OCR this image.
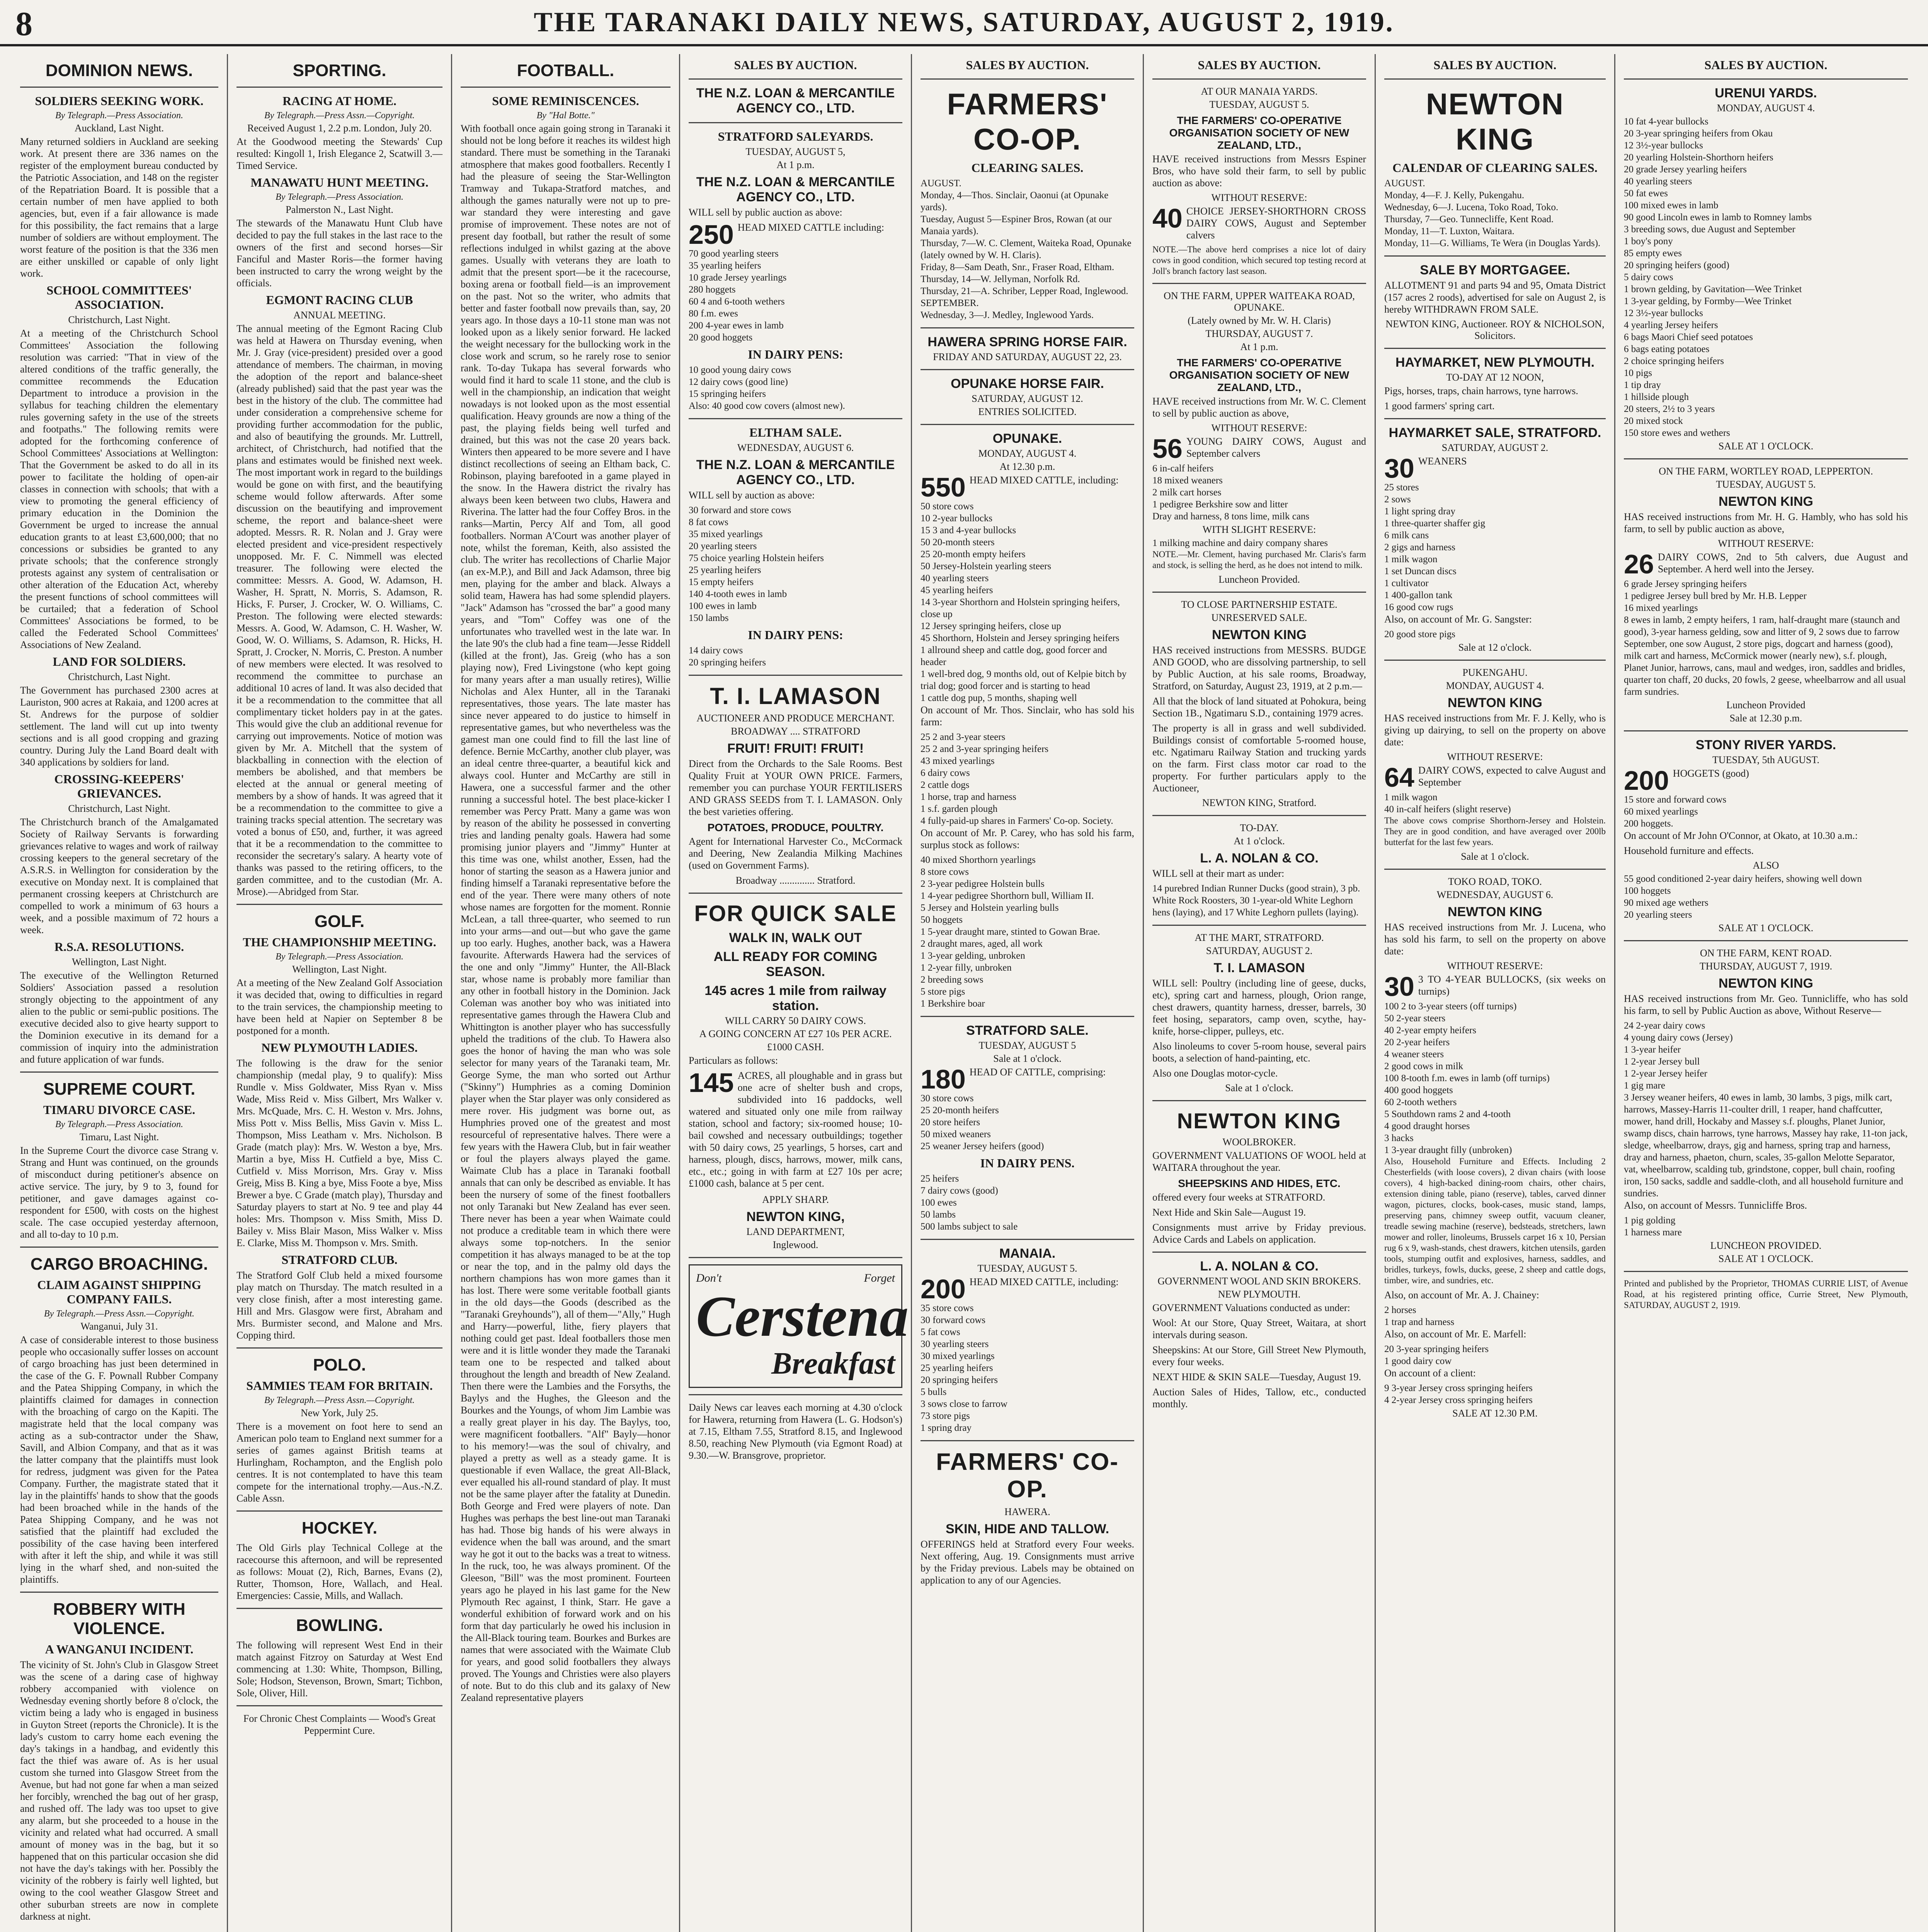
8	THE TARANAKI DAILY NEWS, SATURDAY, AUGUST 2, 1919.
DOMINION NEWS.
SOLDIERS SEEKING WORK.
By Telegraph.—Press Association.
Auckland, Last Night.

Many returned soldiers in Auckland are seeking work. At present there are 336 names on the register of the employment bureau conducted by the Patriotic Association, and 148 on the register of the Repatriation Board. It is possible that a certain number of men have applied to both agencies, but, even if a fair allowance is made for this possibility, the fact remains that a large number of soldiers are without employment. The worst feature of the position is that the 336 men are either unskilled or capable of only light work.

SCHOOL COMMITTEES' ASSOCIATION.
Christchurch, Last Night.

At a meeting of the Christchurch School Committees' Association the following resolution was carried: "That in view of the altered conditions of the traffic generally, the committee recommends the Education Department to introduce a provision in the syllabus for teaching children the elementary rules governing safety in the use of the streets and footpaths." The following remits were adopted for the forthcoming conference of School Committees' Associations at Wellington: That the Government be asked to do all in its power to facilitate the holding of open-air classes in connection with schools; that with a view to promoting the general efficiency of primary education in the Dominion the Government be urged to increase the annual education grants to at least £3,600,000; that no concessions or subsidies be granted to any private schools; that the conference strongly protests against any system of centralisation or other alteration of the Education Act, whereby the present functions of school committees will be curtailed; that a federation of School Committees' Associations be formed, to be called the Federated School Committees' Associations of New Zealand.

LAND FOR SOLDIERS.
Christchurch, Last Night.

The Government has purchased 2300 acres at Lauriston, 900 acres at Rakaia, and 1200 acres at St. Andrews for the purpose of soldier settlement. The land will cut up into twenty sections and is all good cropping and grazing country. During July the Land Board dealt with 340 applications by soldiers for land.

CROSSING-KEEPERS' GRIEVANCES.
Christchurch, Last Night.

The Christchurch branch of the Amalgamated Society of Railway Servants is forwarding grievances relative to wages and work of railway crossing keepers to the general secretary of the A.S.R.S. in Wellington for consideration by the executive on Monday next. It is complained that permanent crossing keepers at Christchurch are compelled to work a minimum of 63 hours a week, and a possible maximum of 72 hours a week.

R.S.A. RESOLUTIONS.
Wellington, Last Night.

The executive of the Wellington Returned Soldiers' Association passed a resolution strongly objecting to the appointment of any alien to the public or semi-public positions. The executive decided also to give hearty support to the Dominion executive in its demand for a commission of inquiry into the administration and future application of war funds.

SUPREME COURT.
TIMARU DIVORCE CASE.
By Telegraph.—Press Association.
Timaru, Last Night.

In the Supreme Court the divorce case Strang v. Strang and Hunt was continued, on the grounds of misconduct during petitioner's absence on active service. The jury, by 9 to 3, found for petitioner, and gave damages against co-respondent for £500, with costs on the highest scale. The case occupied yesterday afternoon, and all to-day to 10 p.m.

CARGO BROACHING.
CLAIM AGAINST SHIPPING COMPANY FAILS.
By Telegraph.—Press Assn.—Copyright.
Wanganui, July 31.

A case of considerable interest to those business people who occasionally suffer losses on account of cargo broaching has just been determined in the case of the G. F. Pownall Rubber Company and the Patea Shipping Company, in which the plaintiffs claimed for damages in connection with the broaching of cargo on the Kapiti. The magistrate held that the local company was acting as a sub-contractor under the Shaw, Savill, and Albion Company, and that as it was the latter company that the plaintiffs must look for redress, judgment was given for the Patea Company. Further, the magistrate stated that it lay in the plaintiffs' hands to show that the goods had been broached while in the hands of the Patea Shipping Company, and he was not satisfied that the plaintiff had excluded the possibility of the case having been interfered with after it left the ship, and while it was still lying in the wharf shed, and non-suited the plaintiffs.

ROBBERY WITH VIOLENCE.
A WANGANUI INCIDENT.

The vicinity of St. John's Club in Glasgow Street was the scene of a daring case of highway robbery accompanied with violence on Wednesday evening shortly before 8 o'clock, the victim being a lady who is engaged in business in Guyton Street (reports the Chronicle). It is the lady's custom to carry home each evening the day's takings in a handbag, and evidently this fact the thief was aware of. As is her usual custom she turned into Glasgow Street from the Avenue, but had not gone far when a man seized her forcibly, wrenched the bag out of her grasp, and rushed off. The lady was too upset to give any alarm, but she proceeded to a house in the vicinity and related what had occurred. A small amount of money was in the bag, but it so happened that on this particular occasion she did not have the day's takings with her. Possibly the vicinity of the robbery is fairly well lighted, but owing to the cool weather Glasgow Street and other suburban streets are now in complete darkness at night.

SPORTING.
RACING AT HOME.
By Telegraph.—Press Assn.—Copyright.
Received August 1, 2.2 p.m. London, July 20.

At the Goodwood meeting the Stewards' Cup resulted: Kingoll 1, Irish Elegance 2, Scatwill 3.—Timed Service.

MANAWATU HUNT MEETING.
By Telegraph.—Press Association.
Palmerston N., Last Night.

The stewards of the Manawatu Hunt Club have decided to pay the full stakes in the last race to the owners of the first and second horses—Sir Fanciful and Master Roris—the former having been instructed to carry the wrong weight by the officials.

EGMONT RACING CLUB
ANNUAL MEETING.

The annual meeting of the Egmont Racing Club was held at Hawera on Thursday evening, when Mr. J. Gray (vice-president) presided over a good attendance of members. The chairman, in moving the adoption of the report and balance-sheet (already published) said that the past year was the best in the history of the club. The committee had under consideration a comprehensive scheme for providing further accommodation for the public, and also of beautifying the grounds. Mr. Luttrell, architect, of Christchurch, had notified that the plans and estimates would be finished next week. The most important work in regard to the buildings would be gone on with first, and the beautifying scheme would follow afterwards. After some discussion on the beautifying and improvement scheme, the report and balance-sheet were adopted. Messrs. R. R. Nolan and J. Gray were elected president and vice-president respectively unopposed. Mr. F. C. Nimmell was elected treasurer. The following were elected the committee: Messrs. A. Good, W. Adamson, H. Washer, H. Spratt, N. Morris, S. Adamson, R. Hicks, F. Purser, J. Crocker, W. O. Williams, C. Preston. The following were elected stewards: Messrs. A. Good, W. Adamson, C. H. Washer, W. Good, W. O. Williams, S. Adamson, R. Hicks, H. Spratt, J. Crocker, N. Morris, C. Preston. A number of new members were elected. It was resolved to recommend the committee to purchase an additional 10 acres of land. It was also decided that it be a recommendation to the committee that all complimentary ticket holders pay in at the gates. This would give the club an additional revenue for carrying out improvements. Notice of motion was given by Mr. A. Mitchell that the system of blackballing in connection with the election of members be abolished, and that members be elected at the annual or general meeting of members by a show of hands. It was agreed that it be a recommendation to the committee to give a training tracks special attention. The secretary was voted a bonus of £50, and, further, it was agreed that it be a recommendation to the committee to reconsider the secretary's salary. A hearty vote of thanks was passed to the retiring officers, to the garden committee, and to the custodian (Mr. A. Mrose).—Abridged from Star.

GOLF.
THE CHAMPIONSHIP MEETING.
By Telegraph.—Press Association.
Wellington, Last Night.

At a meeting of the New Zealand Golf Association it was decided that, owing to difficulties in regard to the train services, the championship meeting to have been held at Napier on September 8 be postponed for a month.

NEW PLYMOUTH LADIES.

The following is the draw for the senior championship (medal play, 9 to qualify): Miss Rundle v. Miss Goldwater, Miss Ryan v. Miss Wade, Miss Reid v. Miss Gilbert, Mrs Walker v. Mrs. McQuade, Mrs. C. H. Weston v. Mrs. Johns, Miss Pott v. Miss Bellis, Miss Gavin v. Miss L. Thompson, Miss Leatham v. Mrs. Nicholson. B Grade (match play): Mrs. W. Weston a bye, Mrs. Martin a bye, Miss H. Cutfield a bye, Miss C. Cutfield v. Miss Morrison, Mrs. Gray v. Miss Greig, Miss B. King a bye, Miss Foote a bye, Miss Brewer a bye. C Grade (match play), Thursday and Saturday players to start at No. 9 tee and play 44 holes: Mrs. Thompson v. Miss Smith, Miss D. Bailey v. Miss Blair Mason, Miss Walker v. Miss E. Clarke, Miss M. Thompson v. Mrs. Smith.

STRATFORD CLUB.

The Stratford Golf Club held a mixed foursome play match on Thursday. The match resulted in a very close finish, after a most interesting game. Hill and Mrs. Glasgow were first, Abraham and Mrs. Burmister second, and Malone and Mrs. Copping third.

POLO.
SAMMIES TEAM FOR BRITAIN.
By Telegraph.—Press Assn.—Copyright.
New York, July 25.

There is a movement on foot here to send an American polo team to England next summer for a series of games against British teams at Hurlingham, Rochampton, and the English polo centres. It is not contemplated to have this team compete for the international trophy.—Aus.-N.Z. Cable Assn.

HOCKEY.

The Old Girls play Technical College at the racecourse this afternoon, and will be represented as follows: Mouat (2), Rich, Barnes, Evans (2), Rutter, Thomson, Hore, Wallach, and Heal. Emergencies: Cassie, Mills, and Wallach.

BOWLING.

The following will represent West End in their match against Fitzroy on Saturday at West End commencing at 1.30: White, Thompson, Billing, Sole; Hodson, Stevenson, Brown, Smart; Tichbon, Sole, Oliver, Hill.

For Chronic Chest Complaints — Wood's Great Peppermint Cure.

FOOTBALL.
SOME REMINISCENCES.
By "Hal Botte."

With football once again going strong in Taranaki it should not be long before it reaches its wildest high standard. There must be something in the Taranaki atmosphere that makes good footballers. Recently I had the pleasure of seeing the Star-Wellington Tramway and Tukapa-Stratford matches, and although the games naturally were not up to pre-war standard they were interesting and gave promise of improvement. These notes are not of present day football, but rather the result of some reflections indulged in whilst gazing at the above games. Usually with veterans they are loath to admit that the present sport—be it the racecourse, boxing arena or football field—is an improvement on the past. Not so the writer, who admits that better and faster football now prevails than, say, 20 years ago. In those days a 10-11 stone man was not looked upon as a likely senior forward. He lacked the weight necessary for the bullocking work in the close work and scrum, so he rarely rose to senior rank. To-day Tukapa has several forwards who would find it hard to scale 11 stone, and the club is well in the championship, an indication that weight nowadays is not looked upon as the most essential qualification. Heavy grounds are now a thing of the past, the playing fields being well turfed and drained, but this was not the case 20 years back. Winters then appeared to be more severe and I have distinct recollections of seeing an Eltham back, C. Robinson, playing barefooted in a game played in the snow. In the Hawera district the rivalry has always been keen between two clubs, Hawera and Riverina. The latter had the four Coffey Bros. in the ranks—Martin, Percy Alf and Tom, all good footballers. Norman A'Court was another player of note, whilst the foreman, Keith, also assisted the club. The writer has recollections of Charlie Major (an ex-M.P.), and Bill and Jack Adamson, three big men, playing for the amber and black. Always a solid team, Hawera has had some splendid players. "Jack" Adamson has "crossed the bar" a good many years, and "Tom" Coffey was one of the unfortunates who travelled west in the late war. In the late 90's the club had a fine team—Jesse Riddell (killed at the front), Jas. Greig (who has a son playing now), Fred Livingstone (who kept going for many years after a man usually retires), Willie Nicholas and Alex Hunter, all in the Taranaki representatives, those years. The late master has since never appeared to do justice to himself in representative games, but who nevertheless was the gamest man one could find to fill the last line of defence. Bernie McCarthy, another club player, was an ideal centre three-quarter, a beautiful kick and always cool. Hunter and McCarthy are still in Hawera, one a successful farmer and the other running a successful hotel. The best place-kicker I remember was Percy Pratt. Many a game was won by reason of the ability he possessed in converting tries and landing penalty goals. Hawera had some promising junior players and "Jimmy" Hunter at this time was one, whilst another, Essen, had the honor of starting the season as a Hawera junior and finding himself a Taranaki representative before the end of the year. There were many others of note whose names are forgotten for the moment. Ronnie McLean, a tall three-quarter, who seemed to run into your arms—and out—but who gave the game up too early. Hughes, another back, was a Hawera favourite. Afterwards Hawera had the services of the one and only "Jimmy" Hunter, the All-Black star, whose name is probably more familiar than any other in football history in the Dominion. Jack Coleman was another boy who was initiated into representative games through the Hawera Club and Whittington is another player who has successfully upheld the traditions of the club. To Hawera also goes the honor of having the man who was sole selector for many years of the Taranaki team, Mr. George Syme, the man who sorted out Arthur ("Skinny") Humphries as a coming Dominion player when the Star player was only considered as mere rover. His judgment was borne out, as Humphries proved one of the greatest and most resourceful of representative halves. There were a few years with the Hawera Club, but in fair weather or foul the players always played the game. Waimate Club has a place in Taranaki football annals that can only be described as enviable. It has been the nursery of some of the finest footballers not only Taranaki but New Zealand has ever seen. There never has been a year when Waimate could not produce a creditable team in which there were always some top-notchers. In the senior competition it has always managed to be at the top or near the top, and in the palmy old days the northern champions has won more games than it has lost. There were some veritable football giants in the old days—the Goods (described as the "Taranaki Greyhounds"), all of them—"Ally," Hugh and Harry—powerful, lithe, fiery players that nothing could get past. Ideal footballers those men were and it is little wonder they made the Taranaki team one to be respected and talked about throughout the length and breadth of New Zealand. Then there were the Lambies and the Forsyths, the Baylys and the Hughes, the Gleeson and the Bourkes and the Youngs, of whom Jim Lambie was a really great player in his day. The Baylys, too, were magnificent footballers. "Alf" Bayly—honor to his memory!—was the soul of chivalry, and played a pretty as well as a steady game. It is questionable if even Wallace, the great All-Black, ever equalled his all-round standard of play. It must not be the same player after the fatality at Dunedin. Both George and Fred were players of note. Dan Hughes was perhaps the best line-out man Taranaki has had. Those big hands of his were always in evidence when the ball was around, and the smart way he got it out to the backs was a treat to witness. In the ruck, too, he was always prominent. Of the Gleeson, "Bill" was the most prominent. Fourteen years ago he played in his last game for the New Plymouth Rec against, I think, Starr. He gave a wonderful exhibition of forward work and on his form that day particularly he owed his inclusion in the All-Black touring team. Bourkes and Burkes are names that were associated with the Waimate Club for years, and good solid footballers they always proved. The Youngs and Christies were also players of note. But to do this club and its galaxy of New Zealand representative players

SALES BY AUCTION.
THE N.Z. LOAN & MERCANTILE AGENCY CO., LTD.
STRATFORD SALEYARDS.
TUESDAY, AUGUST 5,
At 1 p.m.
THE N.Z. LOAN & MERCANTILE AGENCY CO., LTD.

WILL sell by public auction as above:

250 HEAD MIXED CATTLE including:

70 good yearling steers
35 yearling heifers
10 grade Jersey yearlings
280 hoggets
60 4 and 6-tooth wethers
80 f.m. ewes
200 4-year ewes in lamb
20 good hoggets
IN DAIRY PENS:
10 good young dairy cows
12 dairy cows (good line)
15 springing heifers
Also: 40 good cow covers (almost new).
ELTHAM SALE.
WEDNESDAY, AUGUST 6.
THE N.Z. LOAN & MERCANTILE AGENCY CO., LTD.

WILL sell by auction as above:

30 forward and store cows
8 fat cows
35 mixed yearlings
20 yearling steers
75 choice yearling Holstein heifers
25 yearling heifers
15 empty heifers
140 4-tooth ewes in lamb
100 ewes in lamb
150 lambs
IN DAIRY PENS:
14 dairy cows
20 springing heifers
T. I. LAMASON
AUCTIONEER AND PRODUCE MERCHANT.
BROADWAY .... STRATFORD
FRUIT! FRUIT! FRUIT!

Direct from the Orchards to the Sale Rooms. Best Quality Fruit at YOUR OWN PRICE. Farmers, remember you can purchase YOUR FERTILISERS AND GRASS SEEDS from T. I. LAMASON. Only the best varieties offering.

POTATOES, PRODUCE, POULTRY.

Agent for International Harvester Co., McCormack and Deering, New Zealandia Milking Machines (used on Government Farms).

Broadway .............. Stratford.

FOR QUICK SALE
WALK IN, WALK OUT
ALL READY FOR COMING SEASON.
145 acres 1 mile from railway station.
WILL CARRY 50 DAIRY COWS.
A GOING CONCERN AT £27 10s PER ACRE.
£1000 CASH.

Particulars as follows:

145 ACRES, all ploughable and in grass but one acre of shelter bush and crops, subdivided into 16 paddocks, well watered and situated only one mile from railway station, school and factory; six-roomed house; 10-bail cowshed and necessary outbuildings; together with 50 dairy cows, 25 yearlings, 5 horses, cart and harness, plough, discs, harrows, mower, milk cans, etc., etc.; going in with farm at £27 10s per acre; £1000 cash, balance at 5 per cent.

APPLY SHARP.
NEWTON KING,
LAND DEPARTMENT,
Inglewood.
Don't	Forget
Cerstena
Breakfast

Daily News car leaves each morning at 4.30 o'clock for Hawera, returning from Hawera (L. G. Hodson's) at 7.15, Eltham 7.55, Stratford 8.15, and Inglewood 8.50, reaching New Plymouth (via Egmont Road) at 9.30.—W. Bransgrove, proprietor.

SALES BY AUCTION.
FARMERS' CO-OP.
CLEARING SALES.
AUGUST.
Monday, 4—Thos. Sinclair, Oaonui (at Opunake yards).
Tuesday, August 5—Espiner Bros, Rowan (at our Manaia yards).
Thursday, 7—W. C. Clement, Waiteka Road, Opunake (lately owned by W. H. Claris).
Friday, 8—Sam Death, Snr., Fraser Road, Eltham.
Thursday, 14—W. Jellyman, Norfolk Rd.
Thursday, 21—A. Schriber, Lepper Road, Inglewood.
SEPTEMBER.
Wednesday, 3—J. Medley, Inglewood Yards.
HAWERA SPRING HORSE FAIR.
FRIDAY AND SATURDAY, AUGUST 22, 23.
OPUNAKE HORSE FAIR.
SATURDAY, AUGUST 12.
ENTRIES SOLICITED.
OPUNAKE.
MONDAY, AUGUST 4.
At 12.30 p.m.
550 HEAD MIXED CATTLE, including:

50 store cows
10 2-year bullocks
15 3 and 4-year bullocks
50 20-month steers
25 20-month empty heifers
50 Jersey-Holstein yearling steers
40 yearling steers
45 yearling heifers
14 3-year Shorthorn and Holstein springing heifers, close up
12 Jersey springing heifers, close up
45 Shorthorn, Holstein and Jersey springing heifers
1 allround sheep and cattle dog, good forcer and header
1 well-bred dog, 9 months old, out of Kelpie bitch by trial dog; good forcer and is starting to head
1 cattle dog pup, 5 months, shaping well

On account of Mr. Thos. Sinclair, who has sold his farm:

25 2 and 3-year steers
25 2 and 3-year springing heifers
43 mixed yearlings
6 dairy cows
2 cattle dogs
1 horse, trap and harness
1 s.f. garden plough
4 fully-paid-up shares in Farmers' Co-op. Society.

On account of Mr. P. Carey, who has sold his farm, surplus stock as follows:

40 mixed Shorthorn yearlings
8 store cows
2 3-year pedigree Holstein bulls
1 4-year pedigree Shorthorn bull, William II.
5 Jersey and Holstein yearling bulls
50 hoggets
1 5-year draught mare, stinted to Gowan Brae.
2 draught mares, aged, all work
1 3-year gelding, unbroken
1 2-year filly, unbroken
2 breeding sows
5 store pigs
1 Berkshire boar
STRATFORD SALE.
TUESDAY, AUGUST 5
Sale at 1 o'clock.
180 HEAD OF CATTLE, comprising:

30 store cows
25 20-month heifers
20 store heifers
50 mixed weaners
25 weaner Jersey heifers (good)
IN DAIRY PENS.
25 heifers
7 dairy cows (good)
100 ewes
50 lambs
500 lambs subject to sale
MANAIA.
TUESDAY, AUGUST 5.
200 HEAD MIXED CATTLE, including:

35 store cows
30 forward cows
5 fat cows
30 yearling steers
30 mixed yearlings
25 yearling heifers
20 springing heifers
5 bulls
3 sows close to farrow
73 store pigs
1 spring dray
FARMERS' CO-OP.
HAWERA.
SKIN, HIDE AND TALLOW.

OFFERINGS held at Stratford every Four weeks. Next offering, Aug. 19. Consignments must arrive by the Friday previous. Labels may be obtained on application to any of our Agencies.

SALES BY AUCTION.
AT OUR MANAIA YARDS.
TUESDAY, AUGUST 5.
THE FARMERS' CO-OPERATIVE ORGANISATION SOCIETY OF NEW ZEALAND, LTD.,

HAVE received instructions from Messrs Espiner Bros, who have sold their farm, to sell by public auction as above:

WITHOUT RESERVE:
40 CHOICE JERSEY-SHORTHORN CROSS DAIRY COWS, August and September calvers

NOTE.—The above herd comprises a nice lot of dairy cows in good condition, which secured top testing record at Joll's branch factory last season.

ON THE FARM, UPPER WAITEAKA ROAD, OPUNAKE.
(Lately owned by Mr. W. H. Claris)
THURSDAY, AUGUST 7.
At 1 p.m.
THE FARMERS' CO-OPERATIVE ORGANISATION SOCIETY OF NEW ZEALAND, LTD.,

HAVE received instructions from Mr. W. C. Clement to sell by public auction as above,

WITHOUT RESERVE:
56 YOUNG DAIRY COWS, August and September calvers

6 in-calf heifers
18 mixed weaners
2 milk cart horses
1 pedigree Berkshire sow and litter
Dray and harness, 8 tons lime, milk cans
WITH SLIGHT RESERVE:
1 milking machine and dairy company shares

NOTE.—Mr. Clement, having purchased Mr. Claris's farm and stock, is selling the herd, as he does not intend to milk.

Luncheon Provided.
TO CLOSE PARTNERSHIP ESTATE.
UNRESERVED SALE.
NEWTON KING

HAS received instructions from MESSRS. BUDGE AND GOOD, who are dissolving partnership, to sell by Public Auction, at his sale rooms, Broadway, Stratford, on Saturday, August 23, 1919, at 2 p.m.—

All that the block of land situated at Pohokura, being Section 1B., Ngatimaru S.D., containing 1979 acres.

The property is all in grass and well subdivided. Buildings consist of comfortable 5-roomed house, etc. Ngatimaru Railway Station and trucking yards on the farm. First class motor car road to the property. For further particulars apply to the Auctioneer,

NEWTON KING, Stratford.
TO-DAY.
At 1 o'clock.
L. A. NOLAN & CO.

WILL sell at their mart as under:

14 purebred Indian Runner Ducks (good strain), 3 pb. White Rock Roosters, 30 1-year-old White Leghorn hens (laying), and 17 White Leghorn pullets (laying).
AT THE MART, STRATFORD.
SATURDAY, AUGUST 2.
T. I. LAMASON

WILL sell: Poultry (including line of geese, ducks, etc), spring cart and harness, plough, Orion range, chest drawers, quantity harness, dresser, barrels, 30 feet hosing, separators, camp oven, scythe, hay-knife, horse-clipper, pulleys, etc.

Also linoleums to cover 5-room house, several pairs boots, a selection of hand-painting, etc.

Also one Douglas motor-cycle.

Sale at 1 o'clock.
NEWTON KING
WOOLBROKER.

GOVERNMENT VALUATIONS OF WOOL held at WAITARA throughout the year.

SHEEPSKINS AND HIDES, ETC.

offered every four weeks at STRATFORD.

Next Hide and Skin Sale—August 19.

Consignments must arrive by Friday previous. Advice Cards and Labels on application.

L. A. NOLAN & CO.
GOVERNMENT WOOL AND SKIN BROKERS.
NEW PLYMOUTH.

GOVERNMENT Valuations conducted as under:

Wool: At our Store, Quay Street, Waitara, at short intervals during season.

Sheepskins: At our Store, Gill Street New Plymouth, every four weeks.

NEXT HIDE & SKIN SALE—Tuesday, August 19.

Auction Sales of Hides, Tallow, etc., conducted monthly.

SALES BY AUCTION.
NEWTON KING
CALENDAR OF CLEARING SALES.
AUGUST.
Monday, 4—F. J. Kelly, Pukengahu.
Wednesday, 6—J. Lucena, Toko Road, Toko.
Thursday, 7—Geo. Tunnecliffe, Kent Road.
Monday, 11—T. Luxton, Waitara.
Monday, 11—G. Williams, Te Wera (in Douglas Yards).
SALE BY MORTGAGEE.

ALLOTMENT 91 and parts 94 and 95, Omata District (157 acres 2 roods), advertised for sale on August 2, is hereby WITHDRAWN FROM SALE.

NEWTON KING, Auctioneer. ROY & NICHOLSON, Solicitors.
HAYMARKET, NEW PLYMOUTH.
TO-DAY AT 12 NOON,

Pigs, horses, traps, chain harrows, tyne harrows.

1 good farmers' spring cart.

HAYMARKET SALE, STRATFORD.
SATURDAY, AUGUST 2.
30 WEANERS

25 stores
2 sows
1 light spring dray
1 three-quarter shaffer gig
6 milk cans
2 gigs and harness
1 milk wagon
1 set Duncan discs
1 cultivator
1 400-gallon tank
16 good cow rugs

Also, on account of Mr. G. Sangster:

20 good store pigs
Sale at 12 o'clock.
PUKENGAHU.
MONDAY, AUGUST 4.
NEWTON KING

HAS received instructions from Mr. F. J. Kelly, who is giving up dairying, to sell on the property on above date:

WITHOUT RESERVE:
64 DAIRY COWS, expected to calve August and September

1 milk wagon
40 in-calf heifers (slight reserve)

The above cows comprise Shorthorn-Jersey and Holstein. They are in good condition, and have averaged over 200lb butterfat for the last few years.

Sale at 1 o'clock.
TOKO ROAD, TOKO.
WEDNESDAY, AUGUST 6.
NEWTON KING

HAS received instructions from Mr. J. Lucena, who has sold his farm, to sell on the property on above date:

WITHOUT RESERVE:
30 3 TO 4-YEAR BULLOCKS, (six weeks on turnips)

100 2 to 3-year steers (off turnips)
50 2-year steers
40 2-year empty heifers
20 2-year heifers
4 weaner steers
2 good cows in milk
100 8-tooth f.m. ewes in lamb (off turnips)
400 good hoggets
60 2-tooth wethers
5 Southdown rams 2 and 4-tooth
4 good draught horses
3 hacks
1 3-year draught filly (unbroken)

Also, Household Furniture and Effects. Including 2 Chesterfields (with loose covers), 2 divan chairs (with loose covers), 4 high-backed dining-room chairs, other chairs, extension dining table, piano (reserve), tables, carved dinner wagon, pictures, clocks, book-cases, music stand, lamps, preserving pans, chimney sweep outfit, vacuum cleaner, treadle sewing machine (reserve), bedsteads, stretchers, lawn mower and roller, linoleums, Brussels carpet 16 x 10, Persian rug 6 x 9, wash-stands, chest drawers, kitchen utensils, garden tools, stumping outfit and explosives, harness, saddles, and bridles, turkeys, fowls, ducks, geese, 2 sheep and cattle dogs, timber, wire, and sundries, etc.

Also, on account of Mr. A. J. Chainey:

2 horses
1 trap and harness

Also, on account of Mr. E. Marfell:

20 3-year springing heifers
1 good dairy cow

On account of a client:

9 3-year Jersey cross springing heifers
4 2-year Jersey cross springing heifers
SALE AT 12.30 P.M.
SALES BY AUCTION.
URENUI YARDS.
MONDAY, AUGUST 4.
10 fat 4-year bullocks
20 3-year springing heifers from Okau
12 3½-year bullocks
20 yearling Holstein-Shorthorn heifers
20 grade Jersey yearling heifers
40 yearling steers
50 fat ewes
100 mixed ewes in lamb
90 good Lincoln ewes in lamb to Romney lambs
3 breeding sows, due August and September
1 boy's pony
85 empty ewes
20 springing heifers (good)
5 dairy cows
1 brown gelding, by Gavitation—Wee Trinket
1 3-year gelding, by Formby—Wee Trinket
12 3½-year bullocks
4 yearling Jersey heifers
6 bags Maori Chief seed potatoes
6 bags eating potatoes
2 choice springing heifers
10 pigs
1 tip dray
1 hillside plough
20 steers, 2½ to 3 years
20 mixed stock
150 store ewes and wethers
SALE AT 1 O'CLOCK.
ON THE FARM, WORTLEY ROAD, LEPPERTON.
TUESDAY, AUGUST 5.
NEWTON KING

HAS received instructions from Mr. H. G. Hambly, who has sold his farm, to sell by public auction as above,

WITHOUT RESERVE:
26 DAIRY COWS, 2nd to 5th calvers, due August and September. A herd well into the Jersey.

6 grade Jersey springing heifers
1 pedigree Jersey bull bred by Mr. H.B. Lepper
16 mixed yearlings
8 ewes in lamb, 2 empty heifers, 1 ram, half-draught mare (staunch and good), 3-year harness gelding, sow and litter of 9, 2 sows due to farrow September, one sow August, 2 store pigs, dogcart and harness (good), milk cart and harness, McCormick mower (nearly new), s.f. plough, Planet Junior, harrows, cans, maul and wedges, iron, saddles and bridles, quarter ton chaff, 20 ducks, 20 fowls, 2 geese, wheelbarrow and all usual farm sundries.
Luncheon Provided
Sale at 12.30 p.m.
STONY RIVER YARDS.
TUESDAY, 5th AUGUST.
200 HOGGETS (good)

15 store and forward cows
60 mixed yearlings
200 hoggets.

On account of Mr John O'Connor, at Okato, at 10.30 a.m.:

Household furniture and effects.

ALSO
55 good conditioned 2-year dairy heifers, showing well down
100 hoggets
90 mixed age wethers
20 yearling steers
SALE AT 1 O'CLOCK.
ON THE FARM, KENT ROAD.
THURSDAY, AUGUST 7, 1919.
NEWTON KING

HAS received instructions from Mr. Geo. Tunnicliffe, who has sold his farm, to sell by Public Auction as above, Without Reserve—

24 2-year dairy cows
4 young dairy cows (Jersey)
1 3-year heifer
1 2-year Jersey bull
1 2-year Jersey heifer
1 gig mare
3 Jersey weaner heifers, 40 ewes in lamb, 30 lambs, 3 pigs, milk cart, harrows, Massey-Harris 11-coulter drill, 1 reaper, hand chaffcutter, mower, hand drill, Hockaby and Massey s.f. ploughs, Planet Junior, swamp discs, chain harrows, tyne harrows, Massey hay rake, 11-ton jack, sledge, wheelbarrow, drays, gig and harness, spring trap and harness, dray and harness, phaeton, churn, scales, 35-gallon Melotte Separator, vat, wheelbarrow, scalding tub, grindstone, copper, bull chain, roofing iron, 150 sacks, saddle and saddle-cloth, and all household furniture and sundries.

Also, on account of Messrs. Tunnicliffe Bros.

1 pig golding
1 harness mare
LUNCHEON PROVIDED.
SALE AT 1 O'CLOCK.

Printed and published by the Proprietor, THOMAS CURRIE LIST, of Avenue Road, at his registered printing office, Currie Street, New Plymouth, SATURDAY, AUGUST 2, 1919.
